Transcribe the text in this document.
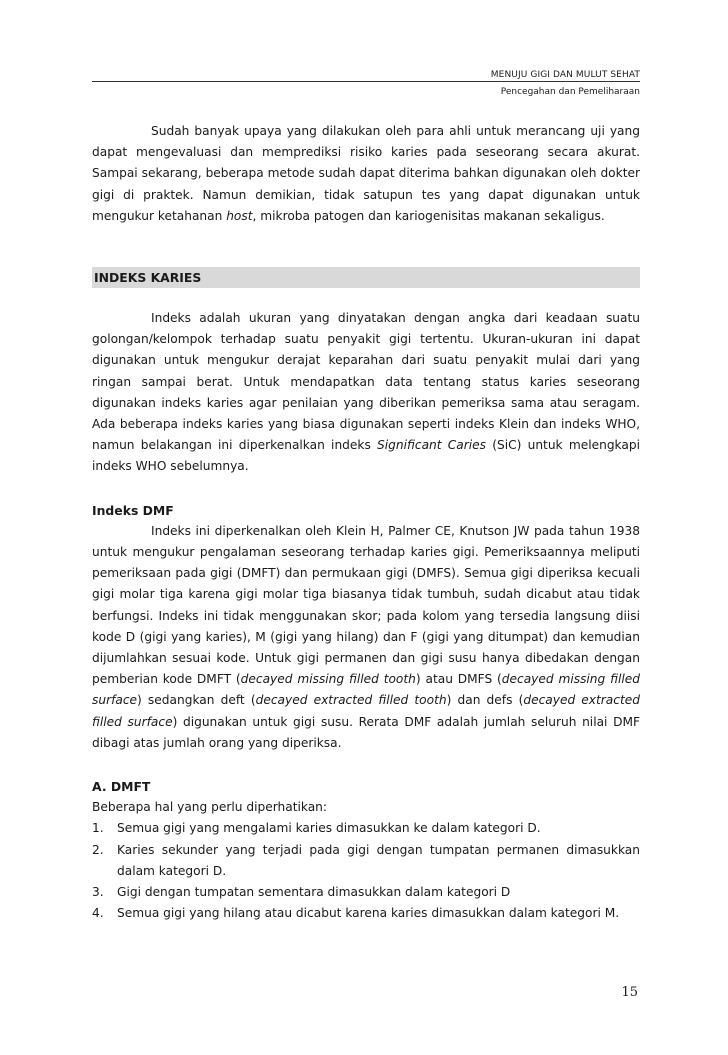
MENUJU GIGI DAN MULUT SEHAT
Pencegahan dan Pemeliharaan

Sudah banyak upaya yang dilakukan oleh para ahli untuk merancang uji yang dapat mengevaluasi dan memprediksi risiko karies pada seseorang secara akurat. Sampai sekarang, beberapa metode sudah dapat diterima bahkan digunakan oleh dokter gigi di praktek. Namun demikian, tidak satupun tes yang dapat digunakan untuk mengukur ketahanan host, mikroba patogen dan kariogenisitas makanan sekaligus.

INDEKS KARIES

Indeks adalah ukuran yang dinyatakan dengan angka dari keadaan suatu golongan/kelompok terhadap suatu penyakit gigi tertentu. Ukuran-ukuran ini dapat digunakan untuk mengukur derajat keparahan dari suatu penyakit mulai dari yang ringan sampai berat. Untuk mendapatkan data tentang status karies seseorang digunakan indeks karies agar penilaian yang diberikan pemeriksa sama atau seragam. Ada beberapa indeks karies yang biasa digunakan seperti indeks Klein dan indeks WHO, namun belakangan ini diperkenalkan indeks Significant Caries (SiC) untuk melengkapi indeks WHO sebelumnya.

Indeks DMF

Indeks ini diperkenalkan oleh Klein H, Palmer CE, Knutson JW pada tahun 1938 untuk mengukur pengalaman seseorang terhadap karies gigi. Pemeriksaannya meliputi pemeriksaan pada gigi (DMFT) dan permukaan gigi (DMFS). Semua gigi diperiksa kecuali gigi molar tiga karena gigi molar tiga biasanya tidak tumbuh, sudah dicabut atau tidak berfungsi. Indeks ini tidak menggunakan skor; pada kolom yang tersedia langsung diisi kode D (gigi yang karies), M (gigi yang hilang) dan F (gigi yang ditumpat) dan kemudian dijumlahkan sesuai kode. Untuk gigi permanen dan gigi susu hanya dibedakan dengan pemberian kode DMFT (decayed missing filled tooth) atau DMFS (decayed missing filled surface) sedangkan deft (decayed extracted filled tooth) dan defs (decayed extracted filled surface) digunakan untuk gigi susu. Rerata DMF adalah jumlah seluruh nilai DMF dibagi atas jumlah orang yang diperiksa.

A. DMFT

Beberapa hal yang perlu diperhatikan:

1. Semua gigi yang mengalami karies dimasukkan ke dalam kategori D.
2. Karies sekunder yang terjadi pada gigi dengan tumpatan permanen dimasukkan dalam kategori D.
3. Gigi dengan tumpatan sementara dimasukkan dalam kategori D
4. Semua gigi yang hilang atau dicabut karena karies dimasukkan dalam kategori M.
15
